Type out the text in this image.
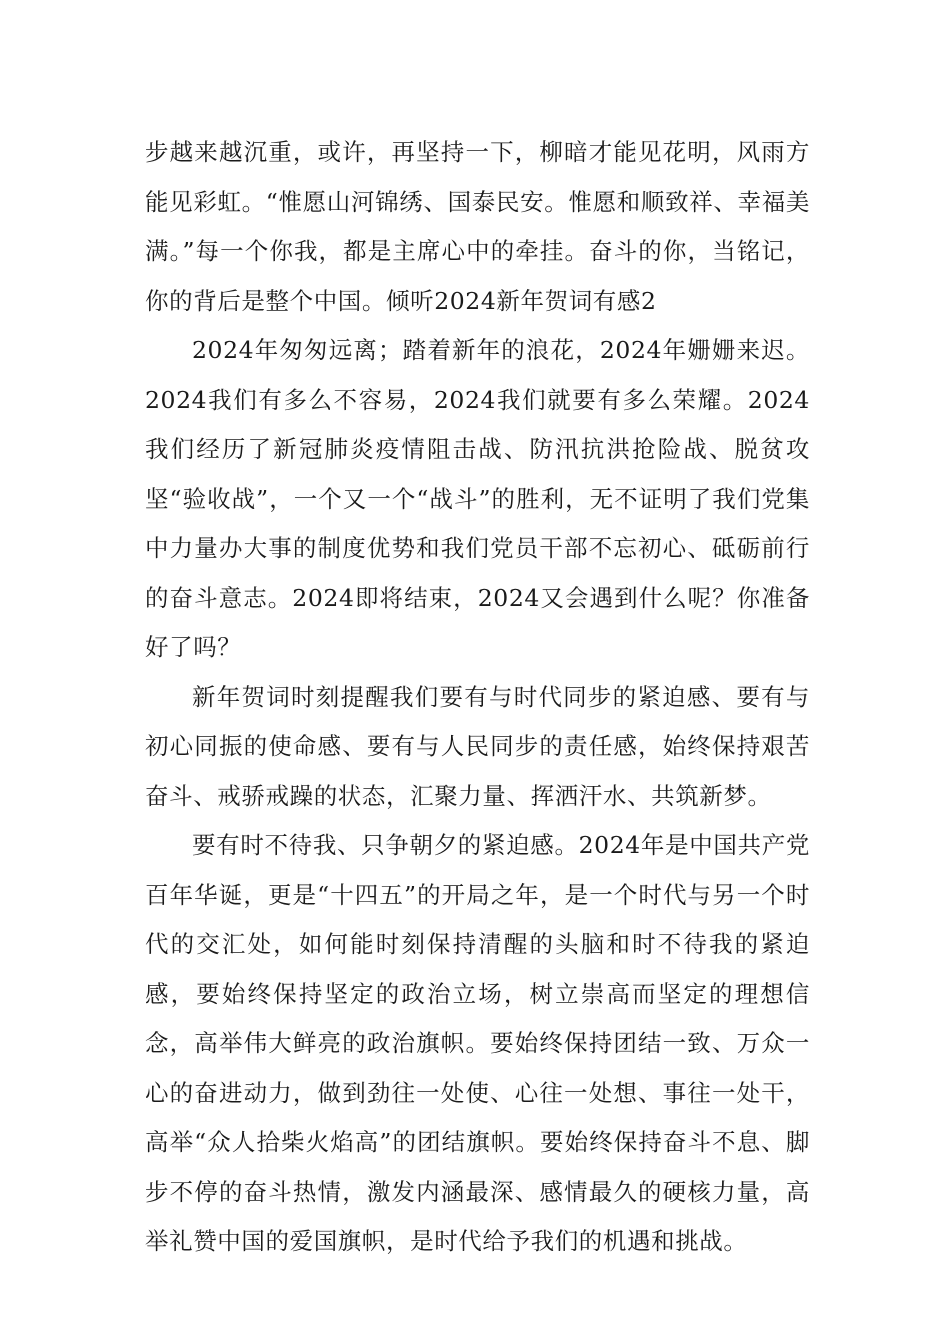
步越来越沉重，或许，再坚持一下，柳暗才能见花明，风雨方能见彩虹。“惟愿山河锦绣、国泰民安。惟愿和顺致祥、幸福美满。”每一个你我，都是主席心中的牵挂。奋斗的你，当铭记，你的背后是整个中国。倾听2024新年贺词有感2

2024年匆匆远离；踏着新年的浪花，2024年姗姗来迟。2024我们有多么不容易，2024我们就要有多么荣耀。2024我们经历了新冠肺炎疫情阻击战、防汛抗洪抢险战、脱贫攻坚“验收战”，一个又一个“战斗”的胜利，无不证明了我们党集中力量办大事的制度优势和我们党员干部不忘初心、砥砺前行的奋斗意志。2024即将结束，2024又会遇到什么呢？你准备好了吗？

新年贺词时刻提醒我们要有与时代同步的紧迫感、要有与初心同振的使命感、要有与人民同步的责任感，始终保持艰苦奋斗、戒骄戒躁的状态，汇聚力量、挥洒汗水、共筑新梦。

要有时不待我、只争朝夕的紧迫感。2024年是中国共产党百年华诞，更是“十四五”的开局之年，是一个时代与另一个时代的交汇处，如何能时刻保持清醒的头脑和时不待我的紧迫感，要始终保持坚定的政治立场，树立崇高而坚定的理想信念，高举伟大鲜亮的政治旗帜。要始终保持团结一致、万众一心的奋进动力，做到劲往一处使、心往一处想、事往一处干，高举“众人拾柴火焰高”的团结旗帜。要始终保持奋斗不息、脚步不停的奋斗热情，激发内涵最深、感情最久的硬核力量，高举礼赞中国的爱国旗帜，是时代给予我们的机遇和挑战。
